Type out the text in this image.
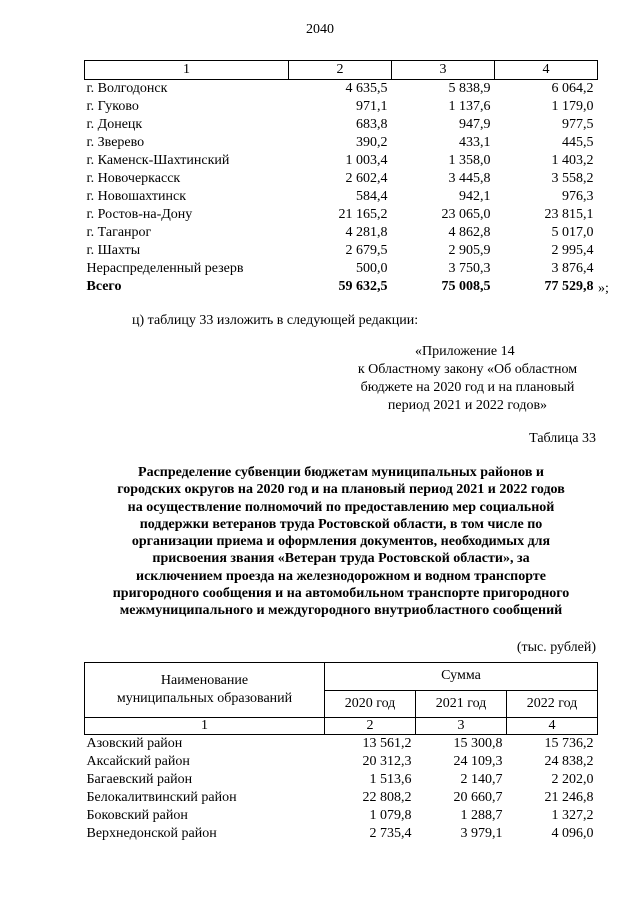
2040
1	2	3	4
г. Волгодонск	4 635,5	5 838,9	6 064,2
г. Гуково	971,1	1 137,6	1 179,0
г. Донецк	683,8	947,9	977,5
г. Зверево	390,2	433,1	445,5
г. Каменск-Шахтинский	1 003,4	1 358,0	1 403,2
г. Новочеркасск	2 602,4	3 445,8	3 558,2
г. Новошахтинск	584,4	942,1	976,3
г. Ростов-на-Дону	21 165,2	23 065,0	23 815,1
г. Таганрог	4 281,8	4 862,8	5 017,0
г. Шахты	2 679,5	2 905,9	2 995,4
Нераспределенный резерв	500,0	3 750,3	3 876,4
Всего	59 632,5	75 008,5	77 529,8 »;
ц) таблицу 33 изложить в следующей редакции:
«Приложение 14
к Областному закону «Об областном
бюджете на 2020 год и на плановый
период 2021 и 2022 годов»
Таблица 33
Распределение субвенции бюджетам муниципальных районов и
городских округов на 2020 год и на плановый период 2021 и 2022 годов
на осуществление полномочий по предоставлению мер социальной
поддержки ветеранов труда Ростовской области, в том числе по
организации приема и оформления документов, необходимых для
присвоения звания «Ветеран труда Ростовской области», за
исключением проезда на железнодорожном и водном транспорте
пригородного сообщения и на автомобильном транспорте пригородного
межмуниципального и междугородного внутриобластного сообщений
(тыс. рублей)
Наименование
муниципальных образований	Сумма		
	2020 год	2021 год	2022 год
1	2	3	4
Азовский район	13 561,2	15 300,8	15 736,2
Аксайский район	20 312,3	24 109,3	24 838,2
Багаевский район	1 513,6	2 140,7	2 202,0
Белокалитвинский район	22 808,2	20 660,7	21 246,8
Боковский район	1 079,8	1 288,7	1 327,2
Верхнедонской район	2 735,4	3 979,1	4 096,0
